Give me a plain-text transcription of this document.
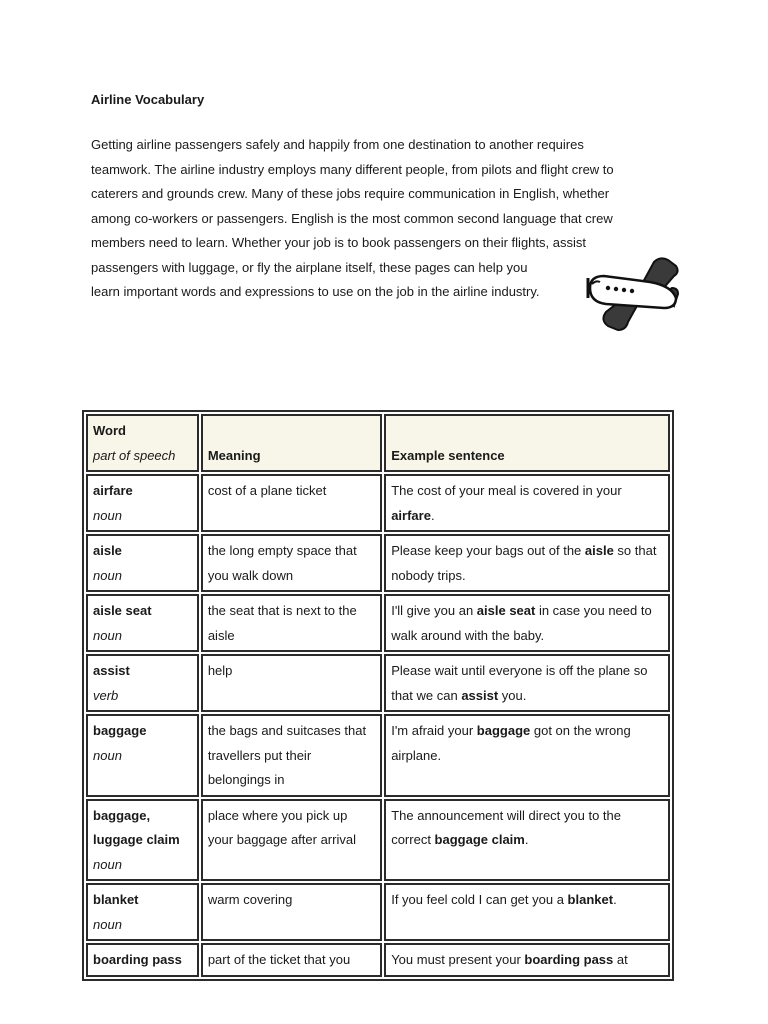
Airline Vocabulary

Getting airline passengers safely and happily from one destination to another requires
teamwork. The airline industry employs many different people, from pilots and flight crew to
caterers and grounds crew. Many of these jobs require communication in English, whether
among co-workers or passengers. English is the most common second language that crew
members need to learn. Whether your job is to book passengers on their flights, assist
passengers with luggage, or fly the airplane itself, these pages can help you
learn important words and expressions to use on the job in the airline industry.

Word
part of speech	Meaning	Example sentence

airfare
noun	cost of a plane ticket	The cost of your meal is covered in your airfare.

aisle
noun	the long empty space that you walk down	Please keep your bags out of the aisle so that nobody trips.

aisle seat
noun	the seat that is next to the aisle	I'll give you an aisle seat in case you need to walk around with the baby.

assist
verb	help	Please wait until everyone is off the plane so that we can assist you.

baggage
noun	the bags and suitcases that travellers put their belongings in	I'm afraid your baggage got on the wrong airplane.

baggage, luggage claim
noun	place where you pick up your baggage after arrival	The announcement will direct you to the correct baggage claim.

blanket
noun	warm covering	If you feel cold I can get you a blanket.

boarding pass	part of the ticket that you	You must present your boarding pass at
